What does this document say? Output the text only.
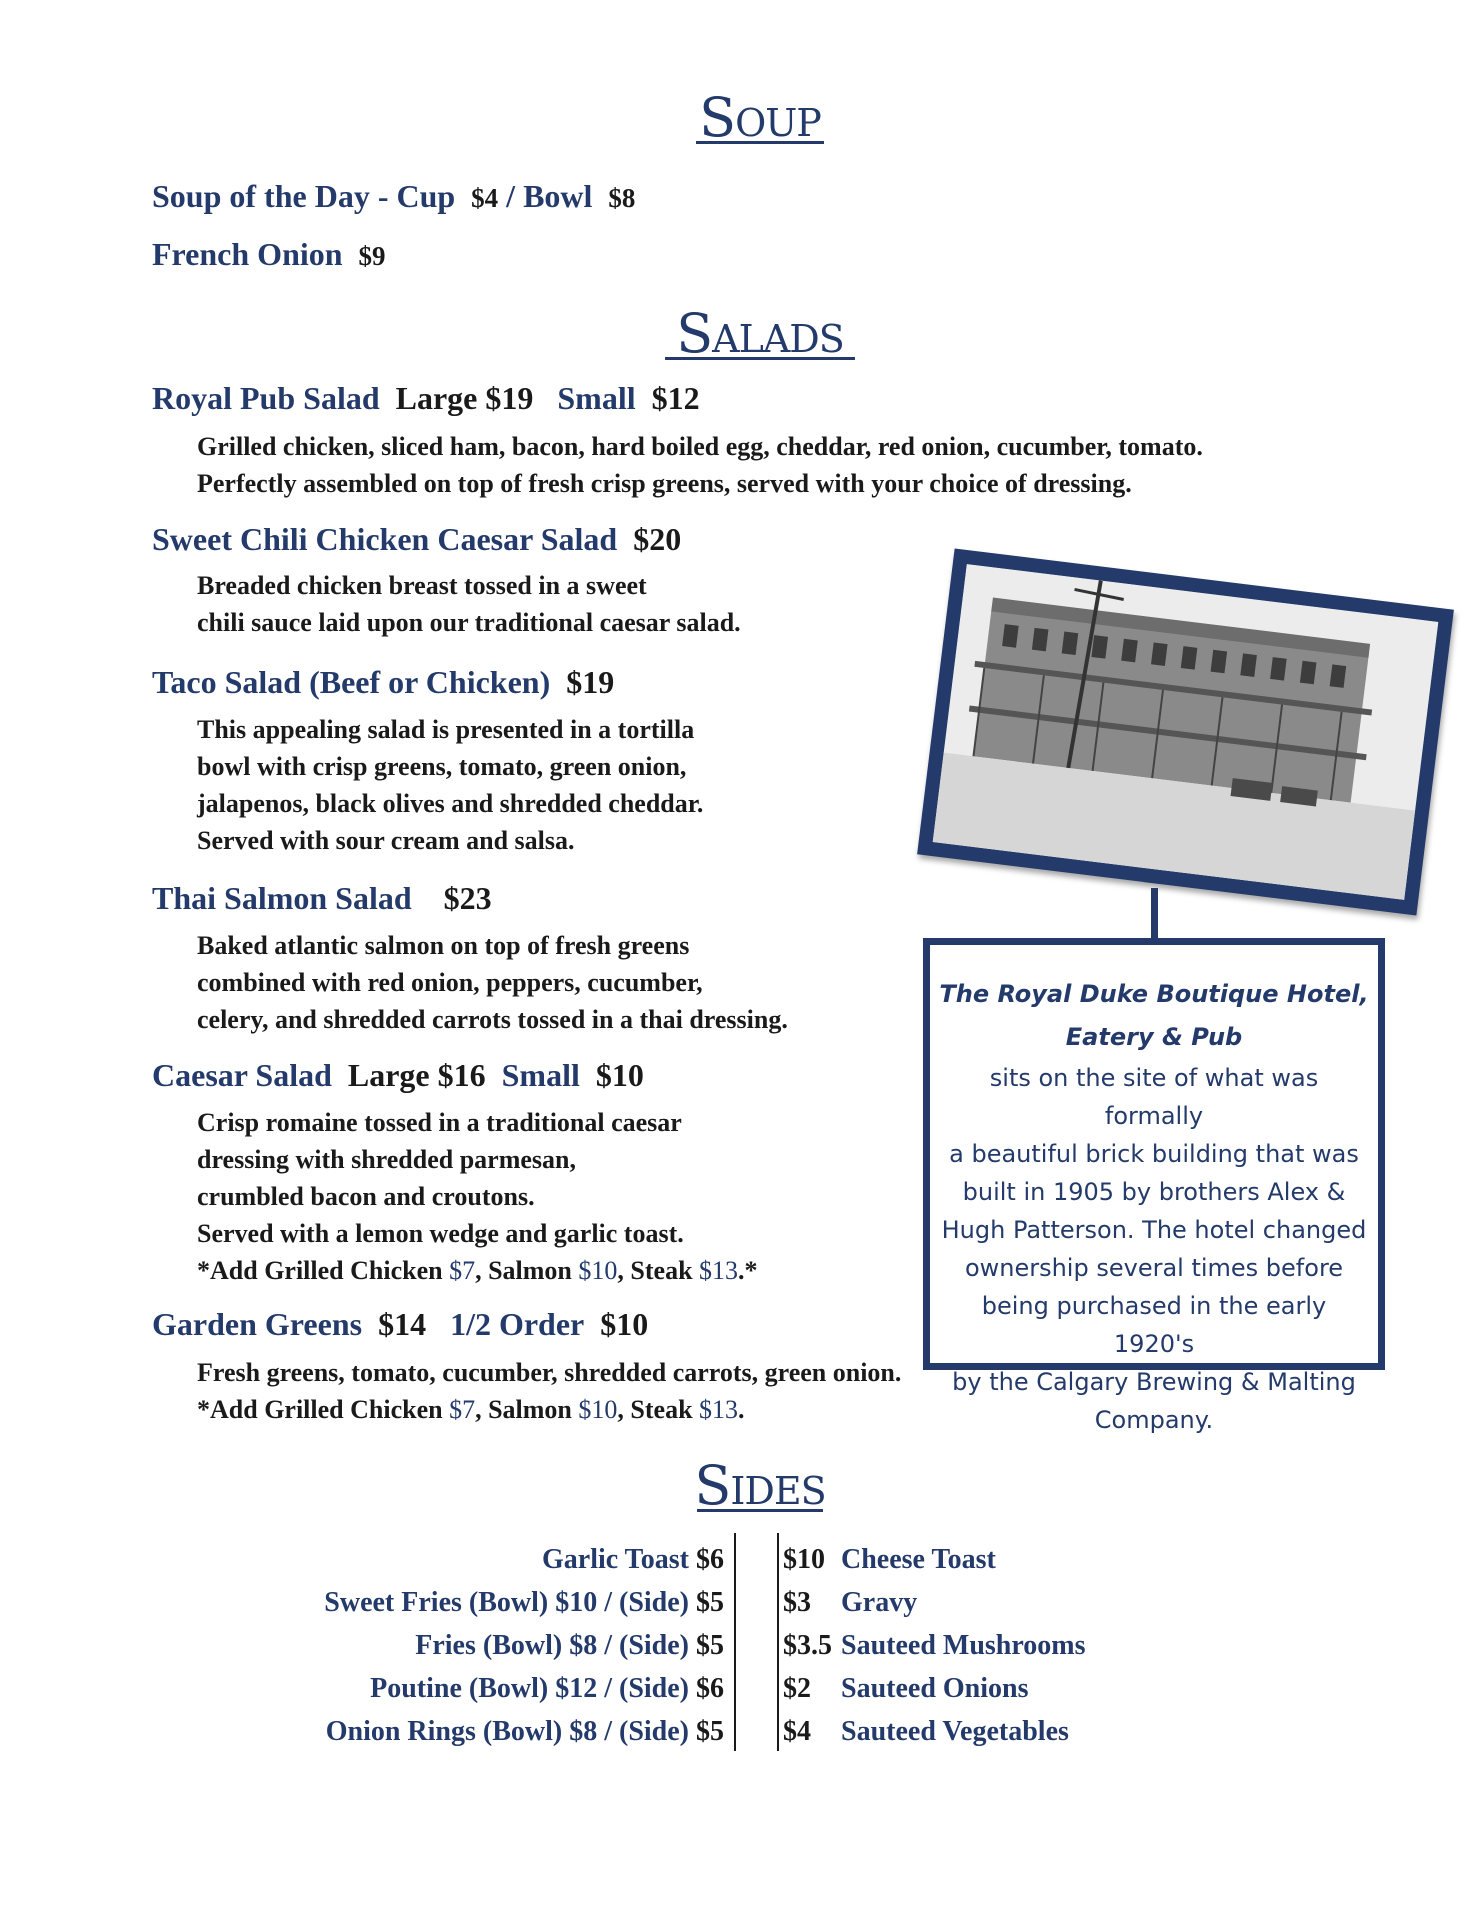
Soup
Soup of the Day - Cup $4 / Bowl $8
French Onion $9
Salads
Royal Pub Salad Large $19 Small $12
Grilled chicken, sliced ham, bacon, hard boiled egg, cheddar, red onion, cucumber, tomato.
Perfectly assembled on top of fresh crisp greens, served with your choice of dressing.
Sweet Chili Chicken Caesar Salad $20
Breaded chicken breast tossed in a sweet
chili sauce laid upon our traditional caesar salad.
Taco Salad (Beef or Chicken) $19
This appealing salad is presented in a tortilla
bowl with crisp greens, tomato, green onion,
jalapenos, black olives and shredded cheddar.
Served with sour cream and salsa.
Thai Salmon Salad $23
Baked atlantic salmon on top of fresh greens
combined with red onion, peppers, cucumber,
celery, and shredded carrots tossed in a thai dressing.
Caesar Salad Large $16 Small $10
Crisp romaine tossed in a traditional caesar
dressing with shredded parmesan,
crumbled bacon and croutons.
Served with a lemon wedge and garlic toast.
*Add Grilled Chicken $7, Salmon $10, Steak $13.*
Garden Greens $14 1/2 Order $10
Fresh greens, tomato, cucumber, shredded carrots, green onion.
*Add Grilled Chicken $7, Salmon $10, Steak $13.
The Royal Duke Boutique Hotel,
Eatery & Pub
sits on the site of what was formally
a beautiful brick building that was
built in 1905 by brothers Alex &
Hugh Patterson. The hotel changed
ownership several times before
being purchased in the early 1920's
by the Calgary Brewing & Malting
Company.
Sides
Garlic Toast $6
Sweet Fries (Bowl) $10 / (Side) $5
Fries (Bowl) $8 / (Side) $5
Poutine (Bowl) $12 / (Side) $6
Onion Rings (Bowl) $8 / (Side) $5
$10 Cheese Toast
$3 Gravy
$3.5 Sauteed Mushrooms
$2 Sauteed Onions
$4 Sauteed Vegetables
